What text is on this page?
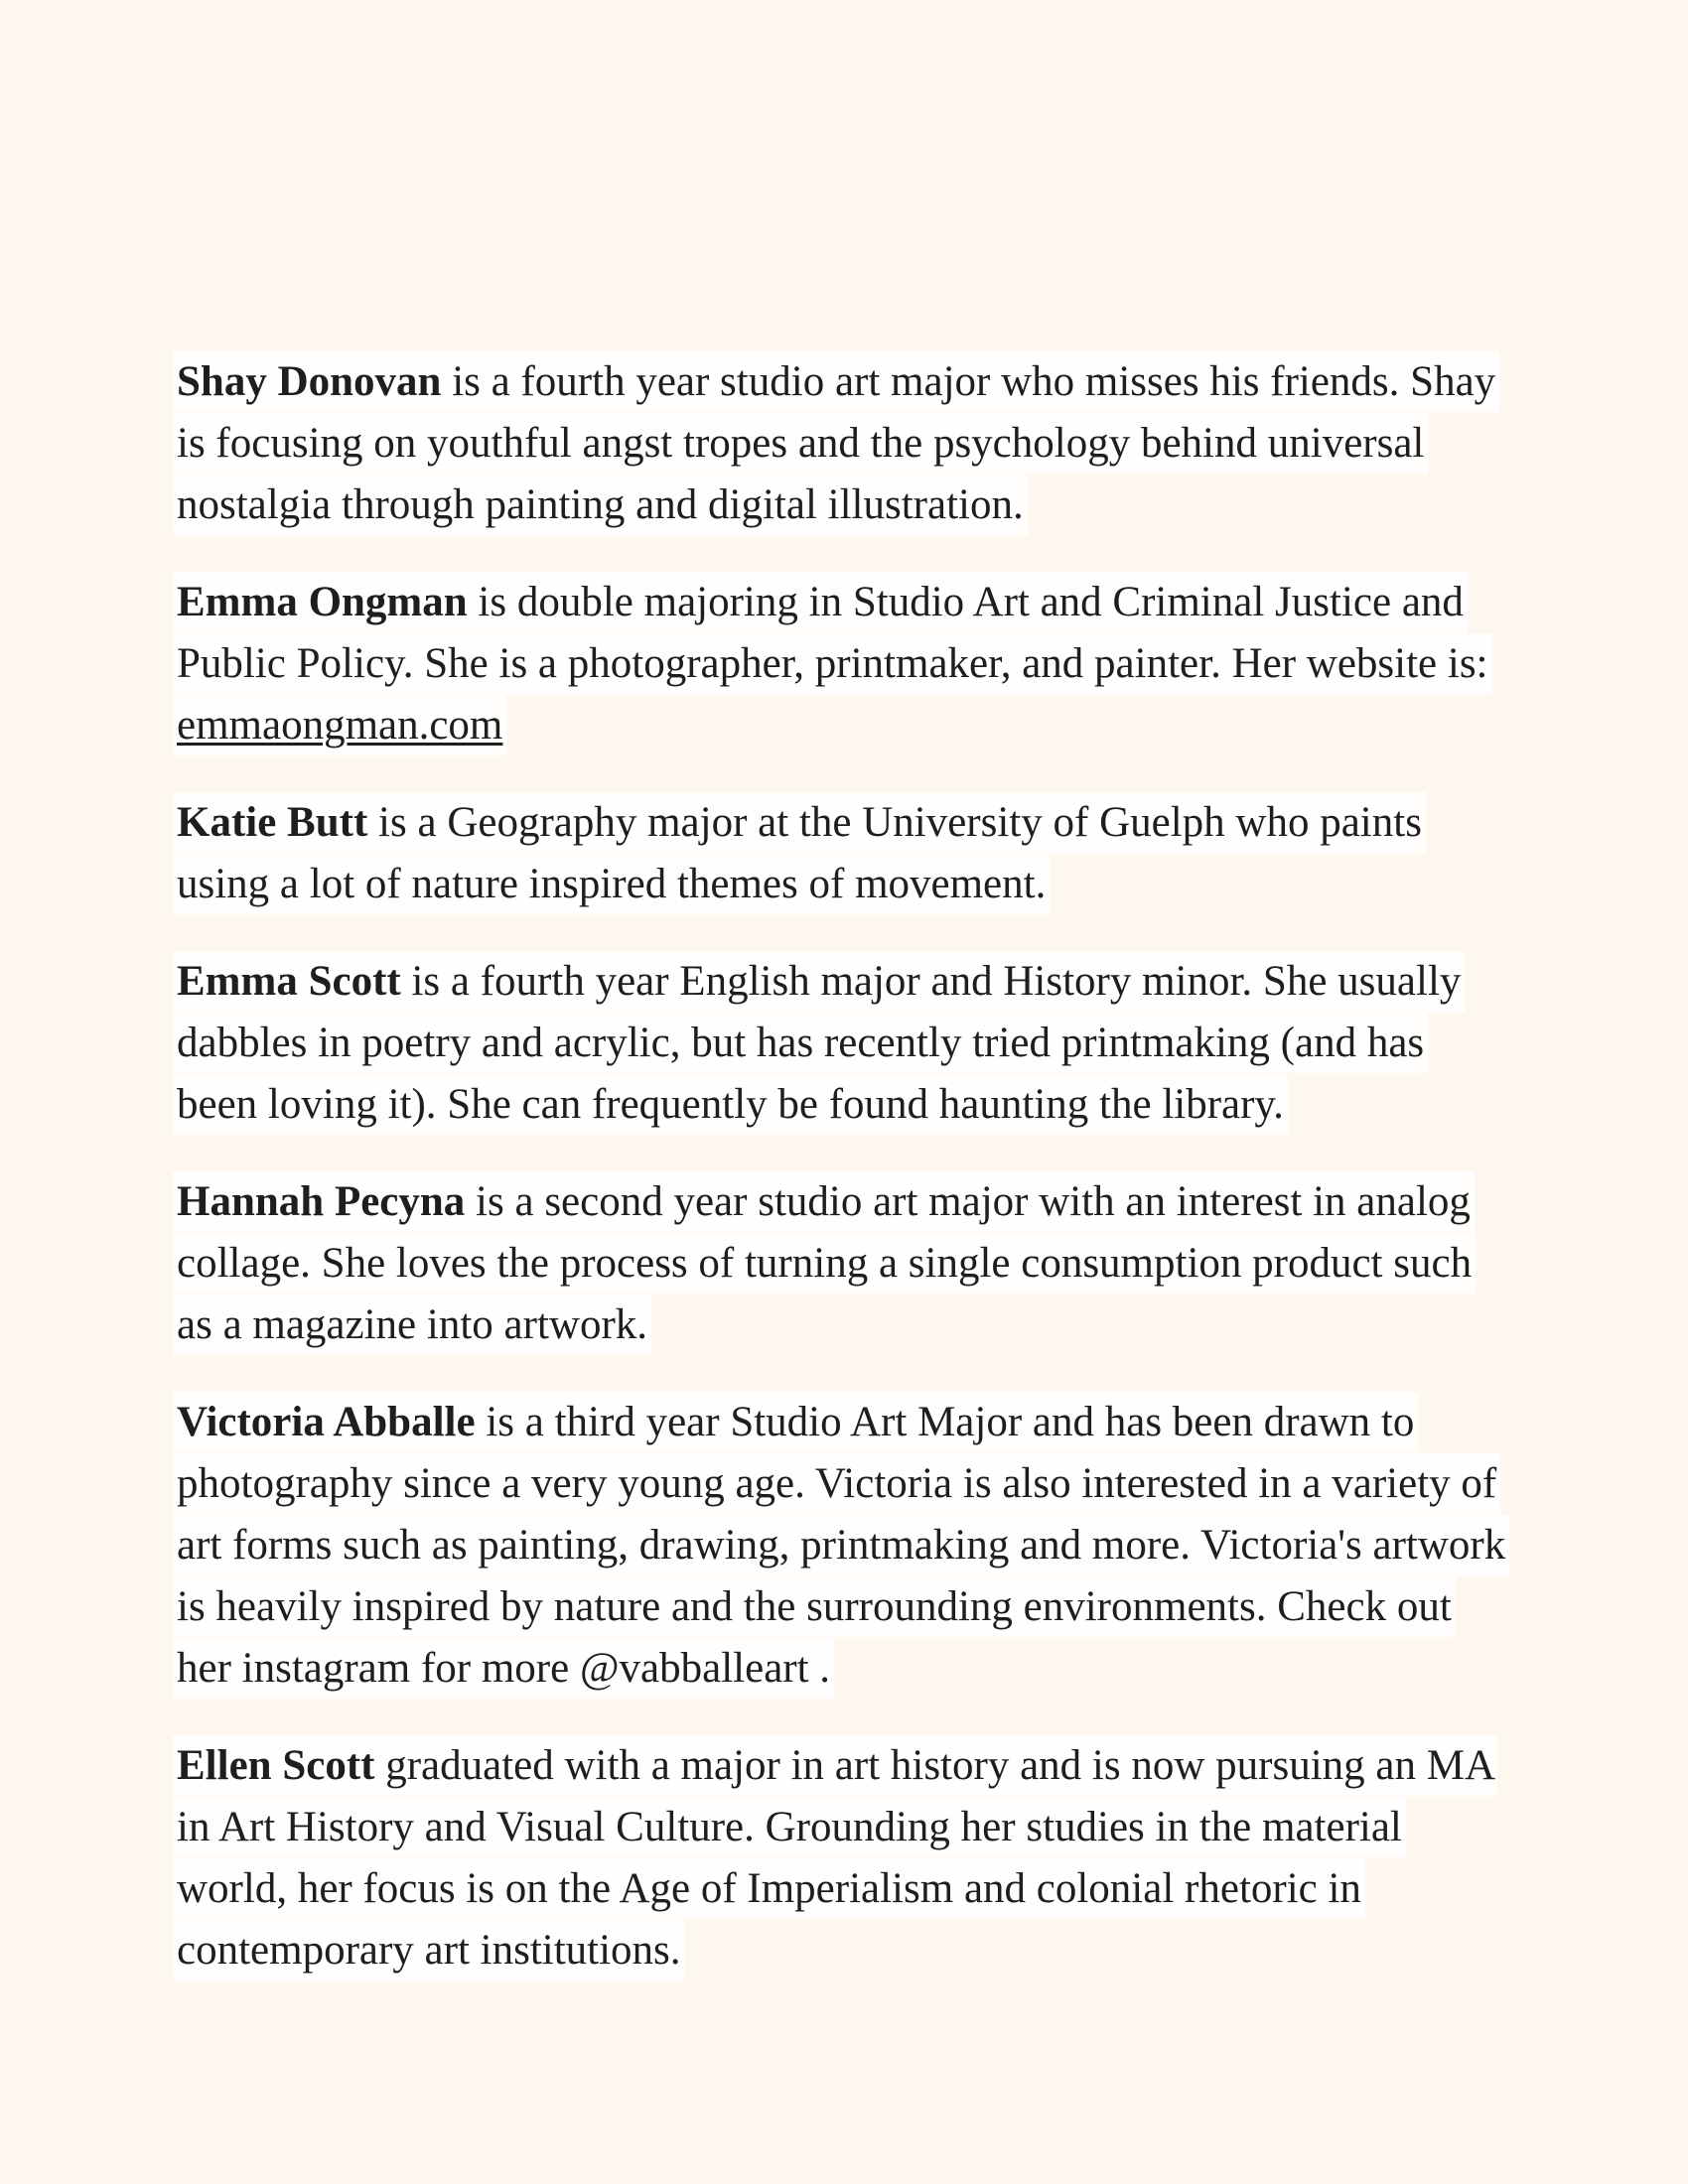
Shay Donovan is a fourth year studio art major who misses his friends. Shay is focusing on youthful angst tropes and the psychology behind universal nostalgia through painting and digital illustration.

Emma Ongman is double majoring in Studio Art and Criminal Justice and Public Policy. She is a photographer, printmaker, and painter. Her website is: emmaongman.com

Katie Butt is a Geography major at the University of Guelph who paints using a lot of nature inspired themes of movement.

Emma Scott is a fourth year English major and History minor. She usually dabbles in poetry and acrylic, but has recently tried printmaking (and has been loving it). She can frequently be found haunting the library.

Hannah Pecyna is a second year studio art major with an interest in analog collage. She loves the process of turning a single consumption product such as a magazine into artwork.

Victoria Abballe is a third year Studio Art Major and has been drawn to photography since a very young age. Victoria is also interested in a variety of art forms such as painting, drawing, printmaking and more. Victoria's artwork is heavily inspired by nature and the surrounding environments. Check out her instagram for more @vabballeart .

Ellen Scott graduated with a major in art history and is now pursuing an MA in Art History and Visual Culture. Grounding her studies in the material world, her focus is on the Age of Imperialism and colonial rhetoric in contemporary art institutions.
